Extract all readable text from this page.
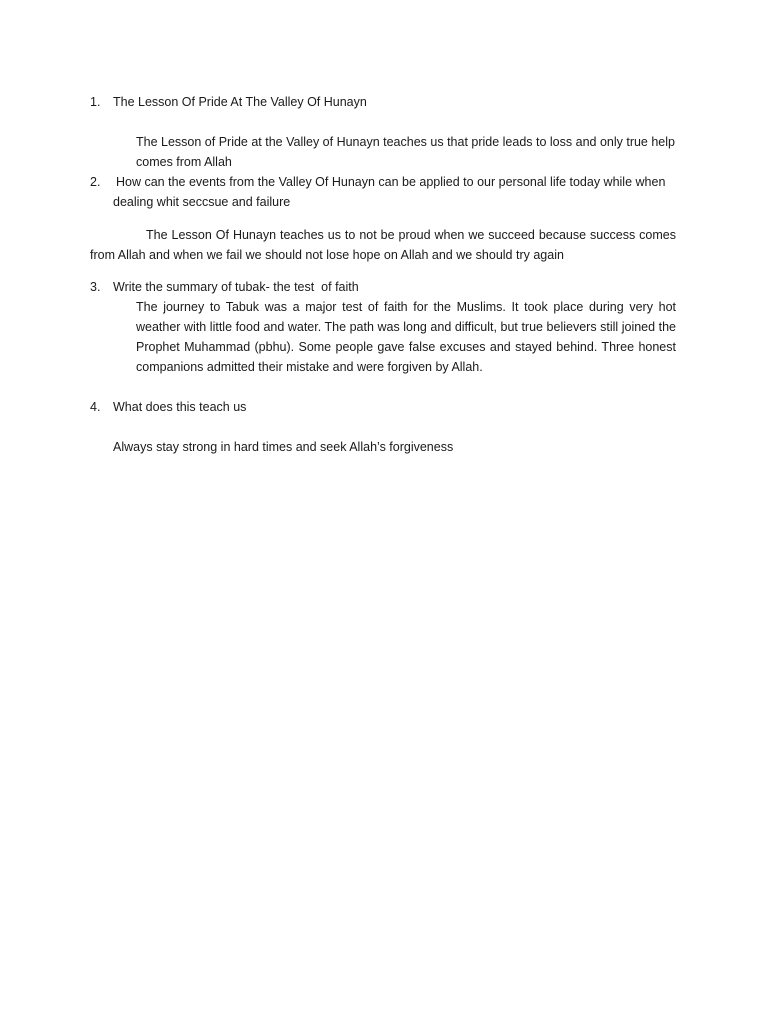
1. The Lesson Of Pride At The Valley Of Hunayn
The Lesson of Pride at the Valley of Hunayn teaches us that pride leads to loss and only true help comes from Allah
2. How can the events from the Valley Of Hunayn can be applied to our personal life today while when dealing whit seccsue and failure
The Lesson Of Hunayn teaches us to not be proud when we succeed because success comes from Allah and when we fail we should not lose hope on Allah and we should try again
3. Write the summary of tubak- the test  of faith
The journey to Tabuk was a major test of faith for the Muslims. It took place during very hot weather with little food and water. The path was long and difficult, but true believers still joined the Prophet Muhammad (pbhu). Some people gave false excuses and stayed behind. Three honest companions admitted their mistake and were forgiven by Allah.
4. What does this teach us
Always stay strong in hard times and seek Allah’s forgiveness
